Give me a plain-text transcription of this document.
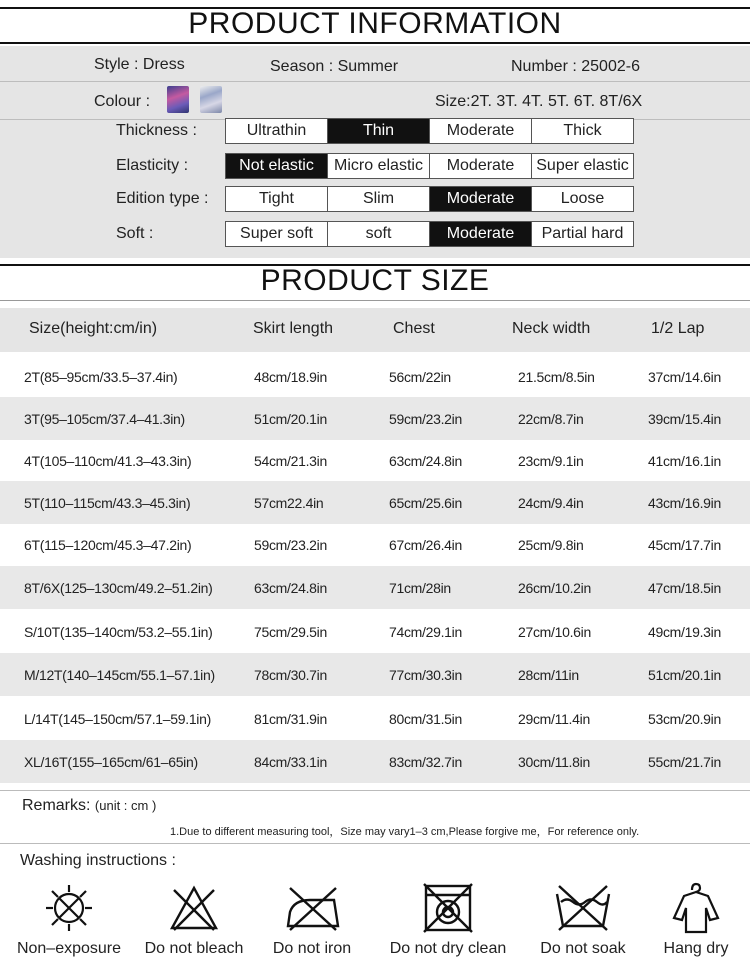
PRODUCT INFORMATION
Style : Dress	Season : Summer	Number : 25002-6
Colour :	Size:2T. 3T. 4T. 5T. 6T. 8T/6X
Thickness :	Ultrathin	Thin	Moderate	Thick
Elasticity :	Not elastic	Micro elastic	Moderate	Super elastic
Edition type :	Tight	Slim	Moderate	Loose
Soft :	Super soft	soft	Moderate	Partial hard
PRODUCT SIZE
Size(height:cm/in)	Skirt length	Chest	Neck width	1/2 Lap
2T(85–95cm/33.5–37.4in)	48cm/18.9in	56cm/22in	21.5cm/8.5in	37cm/14.6in
3T(95–105cm/37.4–41.3in)	51cm/20.1in	59cm/23.2in	22cm/8.7in	39cm/15.4in
4T(105–110cm/41.3–43.3in)	54cm/21.3in	63cm/24.8in	23cm/9.1in	41cm/16.1in
5T(110–115cm/43.3–45.3in)	57cm22.4in	65cm/25.6in	24cm/9.4in	43cm/16.9in
6T(115–120cm/45.3–47.2in)	59cm/23.2in	67cm/26.4in	25cm/9.8in	45cm/17.7in
8T/6X(125–130cm/49.2–51.2in)	63cm/24.8in	71cm/28in	26cm/10.2in	47cm/18.5in
S/10T(135–140cm/53.2–55.1in)	75cm/29.5in	74cm/29.1in	27cm/10.6in	49cm/19.3in
M/12T(140–145cm/55.1–57.1in)	78cm/30.7in	77cm/30.3in	28cm/11in	51cm/20.1in
L/14T(145–150cm/57.1–59.1in)	81cm/31.9in	80cm/31.5in	29cm/11.4in	53cm/20.9in
XL/16T(155–165cm/61–65in)	84cm/33.1in	83cm/32.7in	30cm/11.8in	55cm/21.7in
Remarks: (unit : cm )
1.Due to different measuring tool，Size may vary1–3 cm,Please forgive me，For reference only.
Washing instructions :
Non–exposure	Do not bleach	Do not iron	Do not dry clean	Do not soak	Hang dry
